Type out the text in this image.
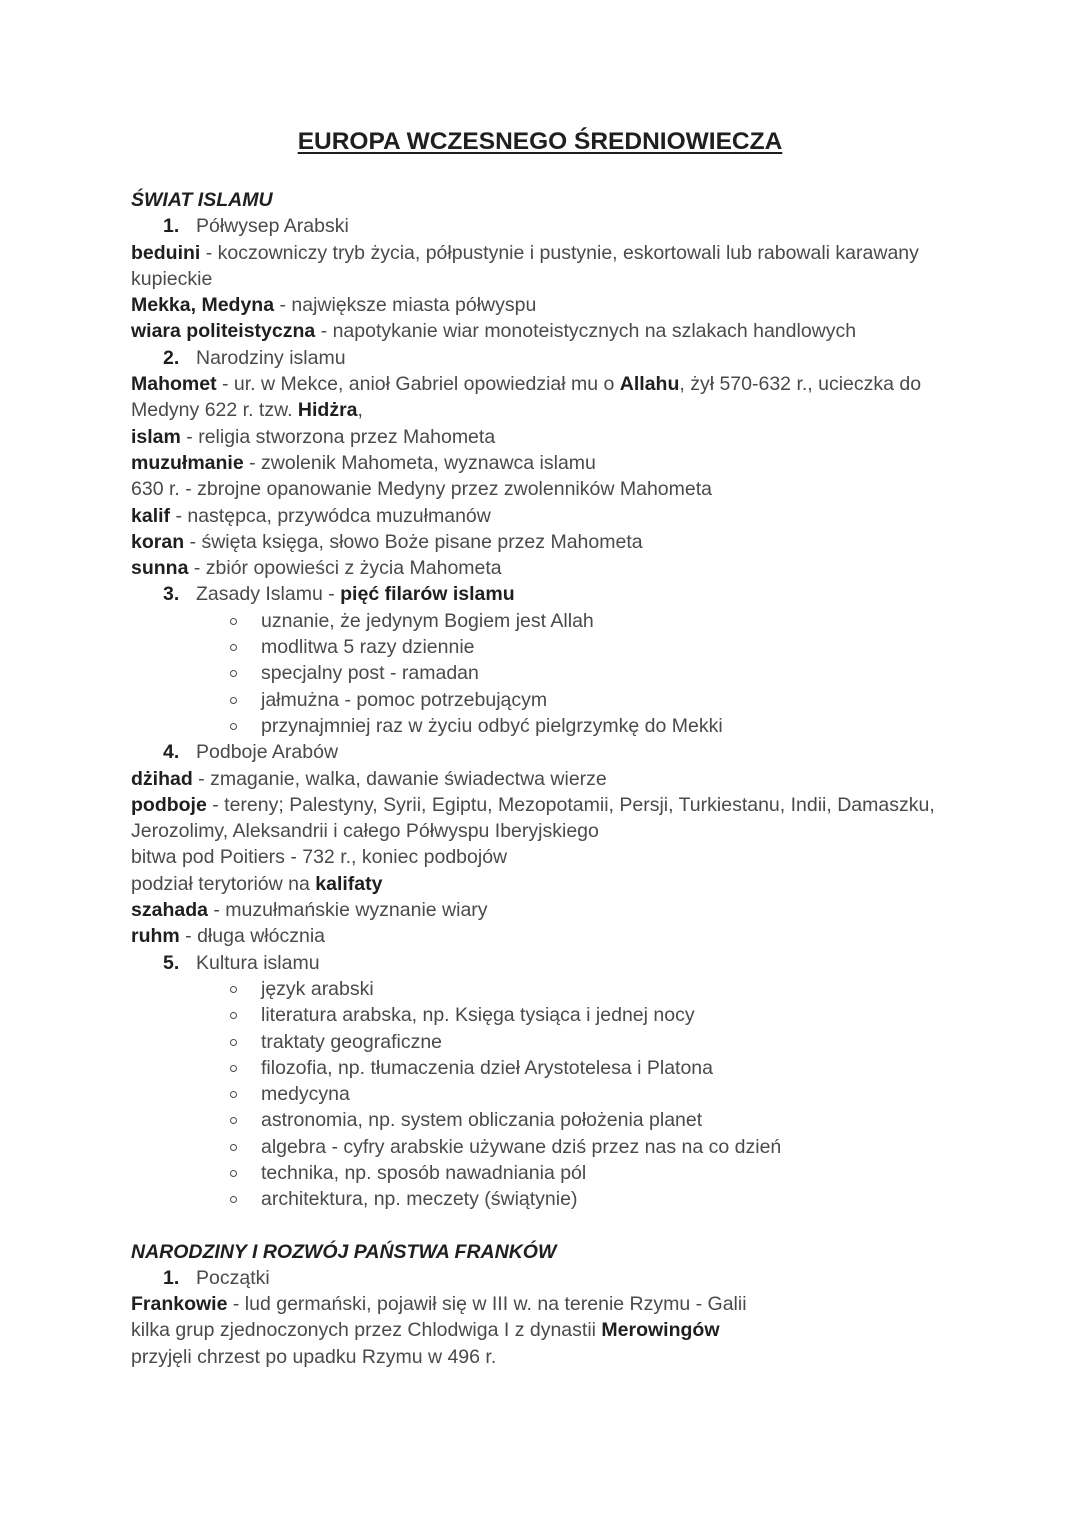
EUROPA WCZESNEGO ŚREDNIOWIECZA

ŚWIAT ISLAMU

1. Półwysep Arabski

beduini - koczowniczy tryb życia, półpustynie i pustynie, eskortowali lub rabowali karawany kupieckie

Mekka, Medyna - największe miasta półwyspu

wiara politeistyczna - napotykanie wiar monoteistycznych na szlakach handlowych

2. Narodziny islamu

Mahomet - ur. w Mekce, anioł Gabriel opowiedział mu o Allahu, żył 570-632 r., ucieczka do Medyny 622 r. tzw. Hidżra,

islam - religia stworzona przez Mahometa

muzułmanie - zwolenik Mahometa, wyznawca islamu

630 r. - zbrojne opanowanie Medyny przez zwolenników Mahometa

kalif - następca, przywódca muzułmanów

koran - święta księga, słowo Boże pisane przez Mahometa

sunna - zbiór opowieści z życia Mahometa

3. Zasady Islamu - pięć filarów islamu

uznanie, że jedynym Bogiem jest Allah

modlitwa 5 razy dziennie

specjalny post - ramadan

jałmużna - pomoc potrzebującym

przynajmniej raz w życiu odbyć pielgrzymkę do Mekki

4. Podboje Arabów

dżihad - zmaganie, walka, dawanie świadectwa wierze

podboje - tereny; Palestyny, Syrii, Egiptu, Mezopotamii, Persji, Turkiestanu, Indii, Damaszku, Jerozolimy, Aleksandrii i całego Półwyspu Iberyjskiego

bitwa pod Poitiers - 732 r., koniec podbojów

podział terytoriów na kalifaty

szahada - muzułmańskie wyznanie wiary

ruhm - długa włócznia

5. Kultura islamu

język arabski

literatura arabska, np. Księga tysiąca i jednej nocy

traktaty geograficzne

filozofia, np. tłumaczenia dzieł Arystotelesa i Platona

medycyna

astronomia, np. system obliczania położenia planet

algebra - cyfry arabskie używane dziś przez nas na co dzień

technika, np. sposób nawadniania pól

architektura, np. meczety (świątynie)

NARODZINY I ROZWÓJ PAŃSTWA FRANKÓW

1. Początki

Frankowie - lud germański, pojawił się w III w. na terenie Rzymu - Galii

kilka grup zjednoczonych przez Chlodwiga I z dynastii Merowingów

przyjęli chrzest po upadku Rzymu w 496 r.
